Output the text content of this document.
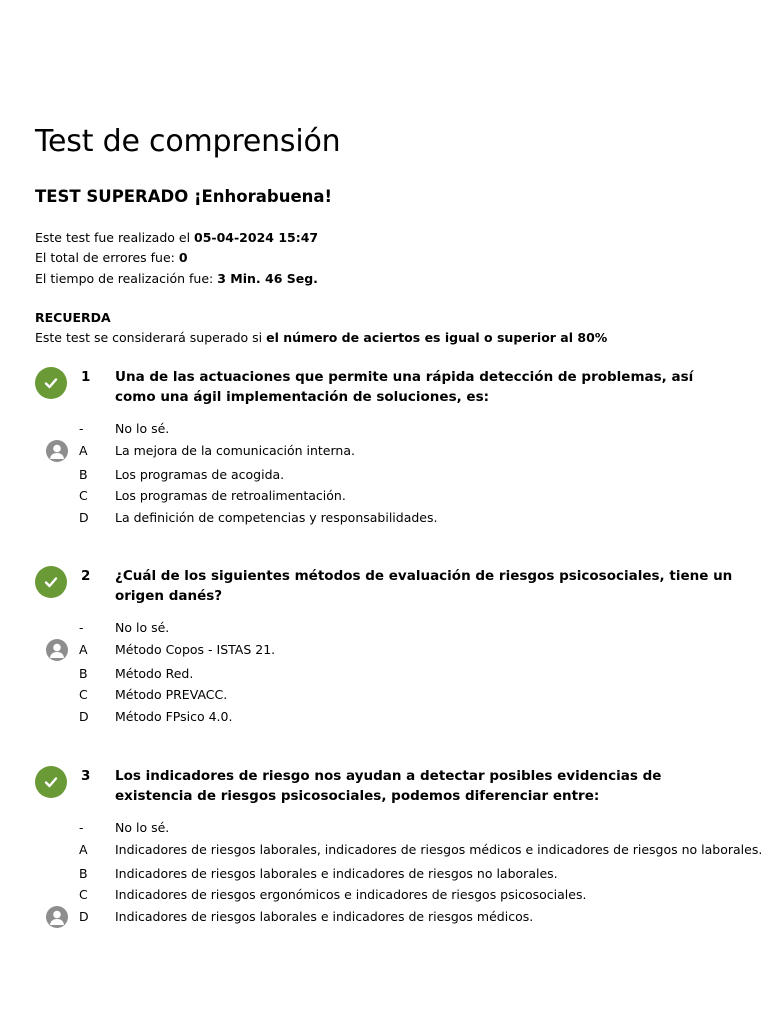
Test de comprensión
TEST SUPERADO ¡Enhorabuena!
Este test fue realizado el 05-04-2024 15:47
El total de errores fue: 0
El tiempo de realización fue: 3 Min. 46 Seg.
RECUERDA
Este test se considerará superado si el número de aciertos es igual o superior al 80%
1 Una de las actuaciones que permite una rápida detección de problemas, así como una ágil implementación de soluciones, es:
-	No lo sé.
A La mejora de la comunicación interna.
B Los programas de acogida.
C Los programas de retroalimentación.
D La definición de competencias y responsabilidades.
2 ¿Cuál de los siguientes métodos de evaluación de riesgos psicosociales, tiene un origen danés?
-	No lo sé.
A Método Copos - ISTAS 21.
B Método Red.
C Método PREVACC.
D Método FPsico 4.0.
3 Los indicadores de riesgo nos ayudan a detectar posibles evidencias de existencia de riesgos psicosociales, podemos diferenciar entre:
-	No lo sé.
A Indicadores de riesgos laborales, indicadores de riesgos médicos e indicadores de riesgos no laborales.
B Indicadores de riesgos laborales e indicadores de riesgos no laborales.
C Indicadores de riesgos ergonómicos e indicadores de riesgos psicosociales.
D Indicadores de riesgos laborales e indicadores de riesgos médicos.
